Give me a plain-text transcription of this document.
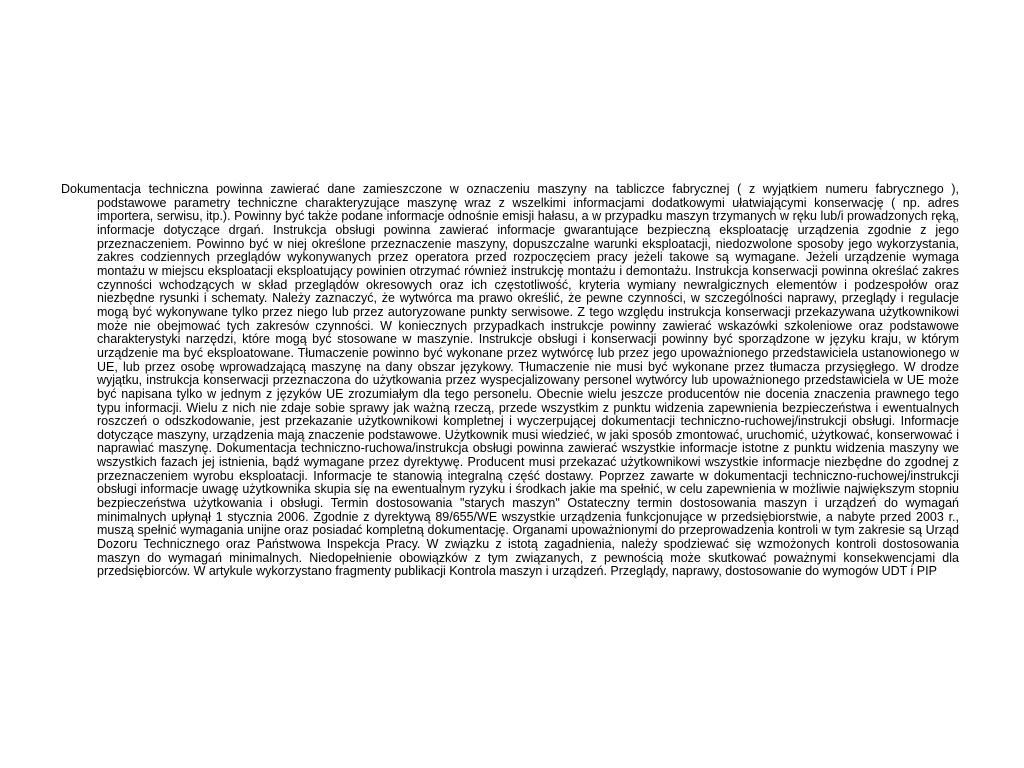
Dokumentacja techniczna powinna zawierać dane zamieszczone w oznaczeniu maszyny na tabliczce fabrycznej ( z wyjątkiem numeru fabrycznego ), podstawowe parametry techniczne charakteryzujące maszynę wraz z wszelkimi informacjami dodatkowymi ułatwiającymi konserwację ( np. adres importera, serwisu, itp.). Powinny być także podane informacje odnośnie emisji hałasu, a w przypadku maszyn trzymanych w ręku lub/i prowadzonych ręką, informacje dotyczące drgań. Instrukcja obsługi powinna zawierać informacje gwarantujące bezpieczną eksploatację urządzenia zgodnie z jego przeznaczeniem. Powinno być w niej określone przeznaczenie maszyny, dopuszczalne warunki eksploatacji, niedozwolone sposoby jego wykorzystania, zakres codziennych przeglądów wykonywanych przez operatora przed rozpoczęciem pracy jeżeli takowe są wymagane. Jeżeli urządzenie wymaga montażu w miejscu eksploatacji eksploatujący powinien otrzymać również instrukcję montażu i demontażu. Instrukcja konserwacji powinna określać zakres czynności wchodzących w skład przeglądów okresowych oraz ich częstotliwość, kryteria wymiany newralgicznych elementów i podzespołów oraz niezbędne rysunki i schematy. Należy zaznaczyć, że wytwórca ma prawo określić, że pewne czynności, w szczególności naprawy, przeglądy i regulacje mogą być wykonywane tylko przez niego lub przez autoryzowane punkty serwisowe. Z tego względu instrukcja konserwacji przekazywana użytkownikowi może nie obejmować tych zakresów czynności. W koniecznych przypadkach instrukcje powinny zawierać wskazówki szkoleniowe oraz podstawowe charakterystyki narzędzi, które mogą być stosowane w maszynie. Instrukcje obsługi i konserwacji powinny być sporządzone w języku kraju, w którym urządzenie ma być eksploatowane. Tłumaczenie powinno być wykonane przez wytwórcę lub przez jego upoważnionego przedstawiciela ustanowionego w UE, lub przez osobę wprowadzającą maszynę na dany obszar językowy. Tłumaczenie nie musi być wykonane przez tłumacza przysięgłego. W drodze wyjątku, instrukcja konserwacji przeznaczona do użytkowania przez wyspecjalizowany personel wytwórcy lub upoważnionego przedstawiciela w UE może być napisana tylko w jednym z języków UE zrozumiałym dla tego personelu. Obecnie wielu jeszcze producentów nie docenia znaczenia prawnego tego typu informacji. Wielu z nich nie zdaje sobie sprawy jak ważną rzeczą, przede wszystkim z punktu widzenia zapewnienia bezpieczeństwa i ewentualnych roszczeń o odszkodowanie, jest przekazanie użytkownikowi kompletnej i wyczerpującej dokumentacji techniczno-ruchowej/instrukcji obsługi. Informacje dotyczące maszyny, urządzenia mają znaczenie podstawowe. Użytkownik musi wiedzieć, w jaki sposób zmontować, uruchomić, użytkować, konserwować i naprawiać maszynę. Dokumentacja techniczno-ruchowa/instrukcja obsługi powinna zawierać wszystkie informacje istotne z punktu widzenia maszyny we wszystkich fazach jej istnienia, bądź wymagane przez dyrektywę. Producent musi przekazać użytkownikowi wszystkie informacje niezbędne do zgodnej z przeznaczeniem wyrobu eksploatacji. Informacje te stanowią integralną część dostawy. Poprzez zawarte w dokumentacji techniczno-ruchowej/instrukcji obsługi informacje uwagę użytkownika skupia się na ewentualnym ryzyku i środkach jakie ma spełnić, w celu zapewnienia w możliwie największym stopniu bezpieczeństwa użytkowania i obsługi. Termin dostosowania "starych maszyn" Ostateczny termin dostosowania maszyn i urządzeń do wymagań minimalnych upłynął 1 stycznia 2006. Zgodnie z dyrektywą 89/655/WE wszystkie urządzenia funkcjonujące w przedsiębiorstwie, a nabyte przed 2003 r., muszą spełnić wymagania unijne oraz posiadać kompletną dokumentację. Organami upoważnionymi do przeprowadzenia kontroli w tym zakresie są Urząd Dozoru Technicznego oraz Państwowa Inspekcja Pracy. W związku z istotą zagadnienia, należy spodziewać się wzmożonych kontroli dostosowania maszyn do wymagań minimalnych. Niedopełnienie obowiązków z tym związanych, z pewnością może skutkować poważnymi konsekwencjami dla przedsiębiorców. W artykule wykorzystano fragmenty publikacji Kontrola maszyn i urządzeń. Przeglądy, naprawy, dostosowanie do wymogów UDT i PIP
